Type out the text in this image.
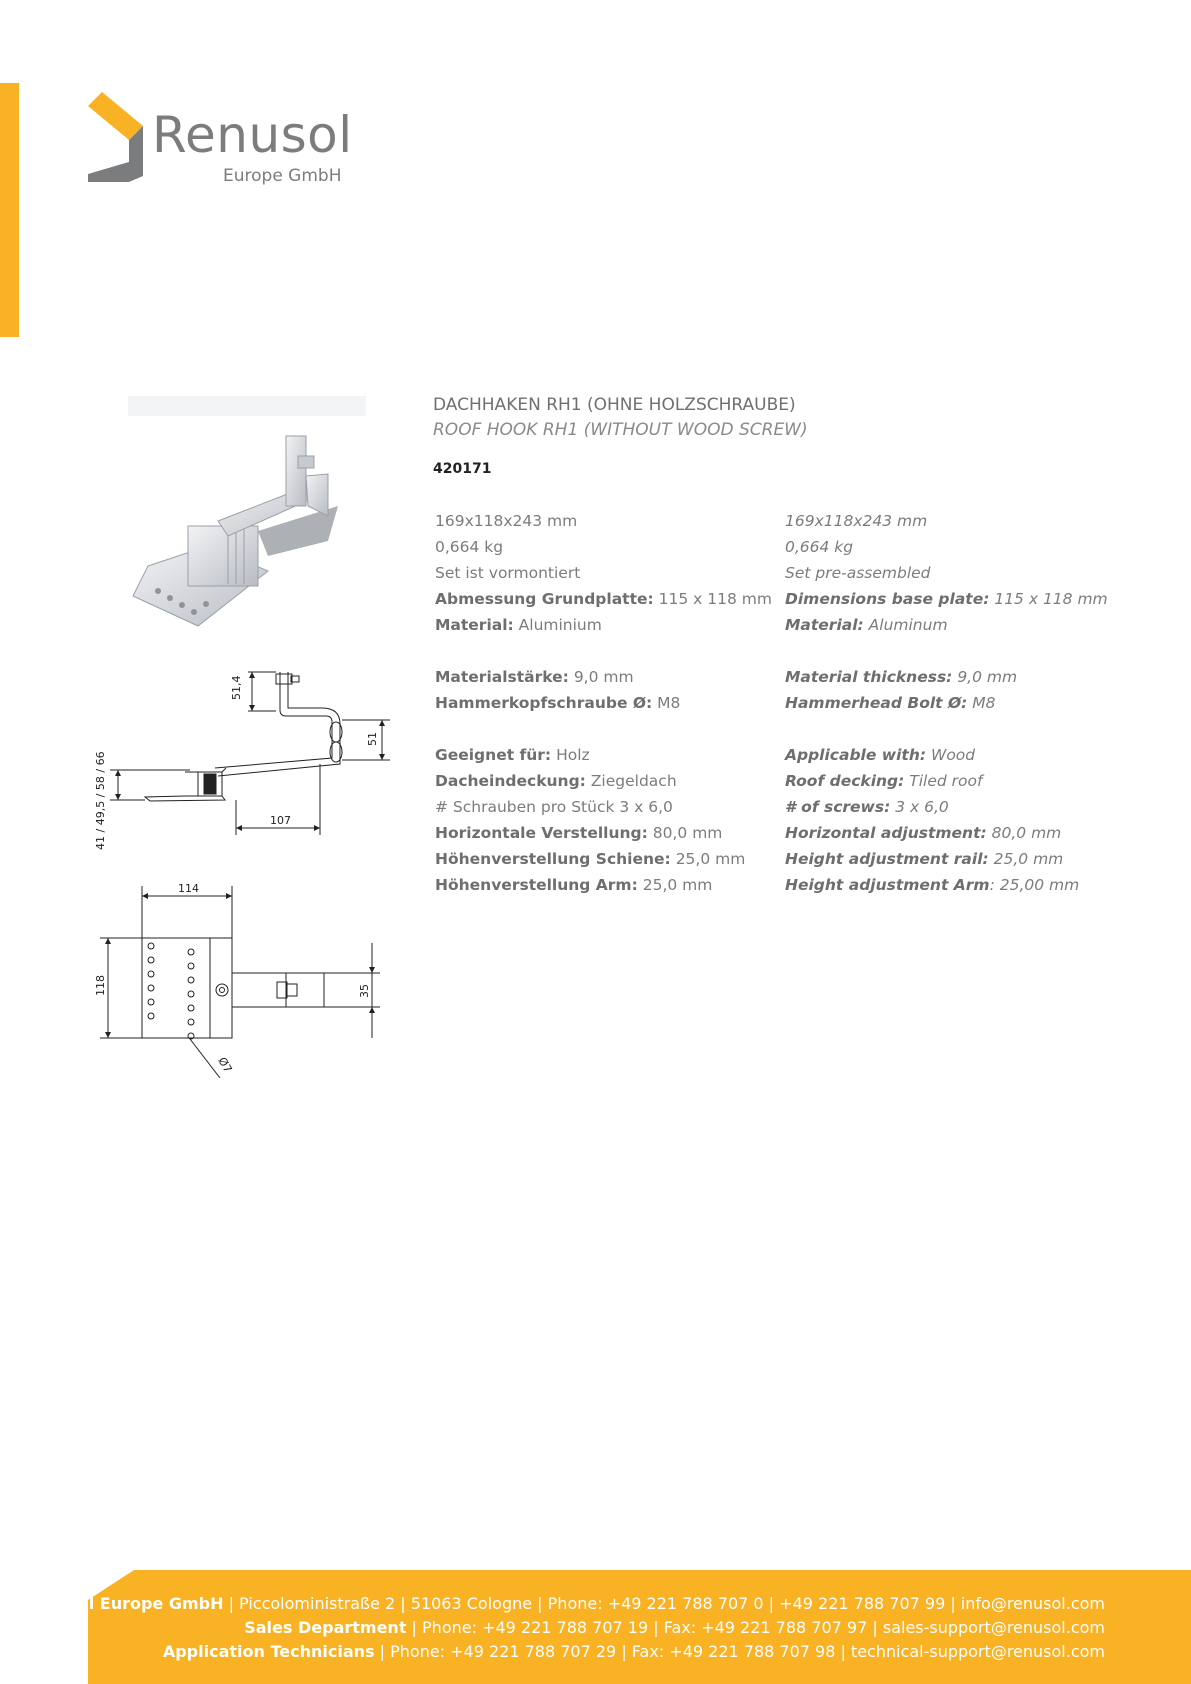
Renusol
Europe GmbH
51,4
51
41 / 49,5 / 58 / 66	107
114
118	35
Ø7
DACHHAKEN RH1 (OHNE HOLZSCHRAUBE)
ROOF HOOK RH1 (WITHOUT WOOD SCREW)
420171
169x118x243 mm
0,664 kg
Set ist vormontiert
Abmessung Grundplatte: 115 x 118 mm
Material: Aluminium
Materialstärke: 9,0 mm
Hammerkopfschraube Ø: M8
Geeignet für: Holz
Dacheindeckung: Ziegeldach
# Schrauben pro Stück 3 x 6,0
Horizontale Verstellung: 80,0 mm
Höhenverstellung Schiene: 25,0 mm
Höhenverstellung Arm: 25,0 mm
169x118x243 mm
0,664 kg
Set pre-assembled
Dimensions base plate: 115 x 118 mm
Material: Aluminum
Material thickness: 9,0 mm
Hammerhead Bolt Ø: M8
Applicable with: Wood
Roof decking: Tiled roof
# of screws: 3 x 6,0
Horizontal adjustment: 80,0 mm
Height adjustment rail: 25,0 mm
Height adjustment Arm: 25,00 mm
Renusol Europe GmbH | Piccoloministraße 2 | 51063 Cologne | Phone: +49 221 788 707 0 | +49 221 788 707 99 | info@renusol.com
Sales Department | Phone: +49 221 788 707 19 | Fax: +49 221 788 707 97 | sales-support@renusol.com
Application Technicians | Phone: +49 221 788 707 29 | Fax: +49 221 788 707 98 | technical-support@renusol.com
